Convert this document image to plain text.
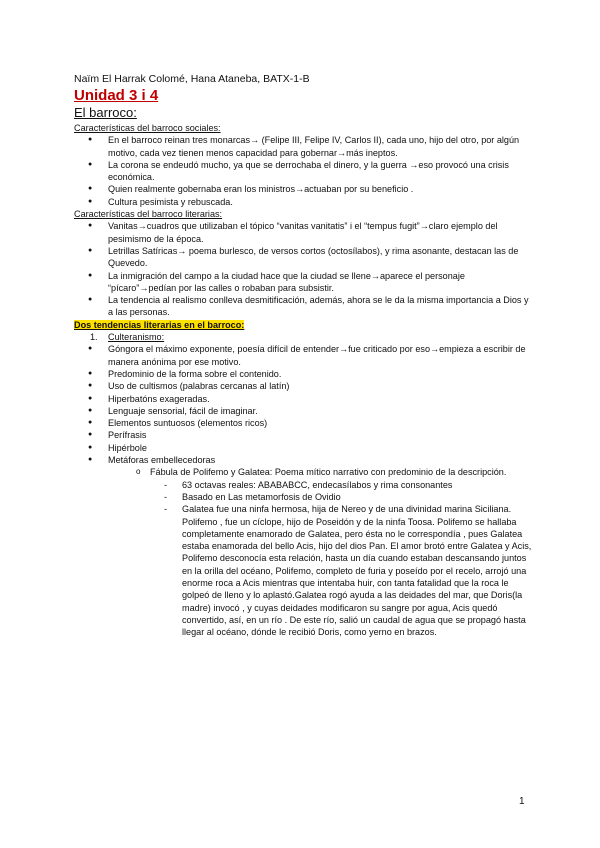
Naïm El Harrak Colomé, Hana Ataneba, BATX-1-B
Unidad 3 i 4
El barroco:
Características del barroco sociales:
● En el barroco reinan tres monarcas→ (Felipe III, Felipe IV, Carlos II), cada uno, hijo del otro, por algún motivo, cada vez tienen menos capacidad para gobernar→más ineptos.
● La corona se endeudó mucho, ya que se derrochaba el dinero, y la guerra →eso provocó una crisis económica.
● Quien realmente gobernaba eran los ministros→actuaban por su beneficio .
● Cultura pesimista y rebuscada.
Características del barroco literarias:
● Vanitas→cuadros que utilizaban el tópico “vanitas vanitatis” i el “tempus fugit”→claro ejemplo del pesimismo de la época.
● Letrillas Satíricas→ poema burlesco, de versos cortos (octosílabos), y rima asonante, destacan las de Quevedo.
● La inmigración del campo a la ciudad hace que la ciudad se llene→aparece el personaje “pícaro”→pedían por las calles o robaban para subsistir.
● La tendencia al realismo conlleva desmitificación, además, ahora se le da la misma importancia a Dios y a las personas.
Dos tendencias literarias en el barroco:
1. Culteranismo:
● Góngora el máximo exponente, poesía difícil de entender→fue criticado por eso→empieza a escribir de manera anónima por ese motivo.
● Predominio de la forma sobre el contenido.
● Uso de cultismos (palabras cercanas al latín)
● Hiperbatóns exageradas.
● Lenguaje sensorial, fácil de imaginar.
● Elementos suntuosos (elementos ricos)
● Perífrasis
● Hipérbole
● Metáforas embellecedoras
o Fábula de Polifemo y Galatea: Poema mítico narrativo con predominio de la descripción.
- 63 octavas reales: ABABABCC, endecasílabos y rima consonantes
- Basado en Las metamorfosis de Ovidio
- Galatea fue una ninfa hermosa, hija de Nereo y de una divinidad marina Siciliana. Polifemo , fue un cíclope, hijo de Poseidón y de la ninfa Toosa. Polifemo se hallaba completamente enamorado de Galatea, pero ésta no le correspondía , pues Galatea estaba enamorada del bello Acis, hijo del dios Pan. El amor brotó entre Galatea y Acis, Polifemo desconocía esta relación, hasta un día cuando estaban descansando juntos en la orilla del océano, Polifemo, completo de furia y poseído por el recelo, arrojó una enorme roca a Acis mientras que intentaba huir, con tanta fatalidad que la roca le golpeó de lleno y lo aplastó.Galatea rogó ayuda a las deidades del mar, que Doris(la madre) invocó , y cuyas deidades modificaron su sangre por agua, Acis quedó convertido, así, en un río . De este río, salió un caudal de agua que se propagó hasta llegar al océano, dónde le recibió Doris, como yerno en brazos.
1
